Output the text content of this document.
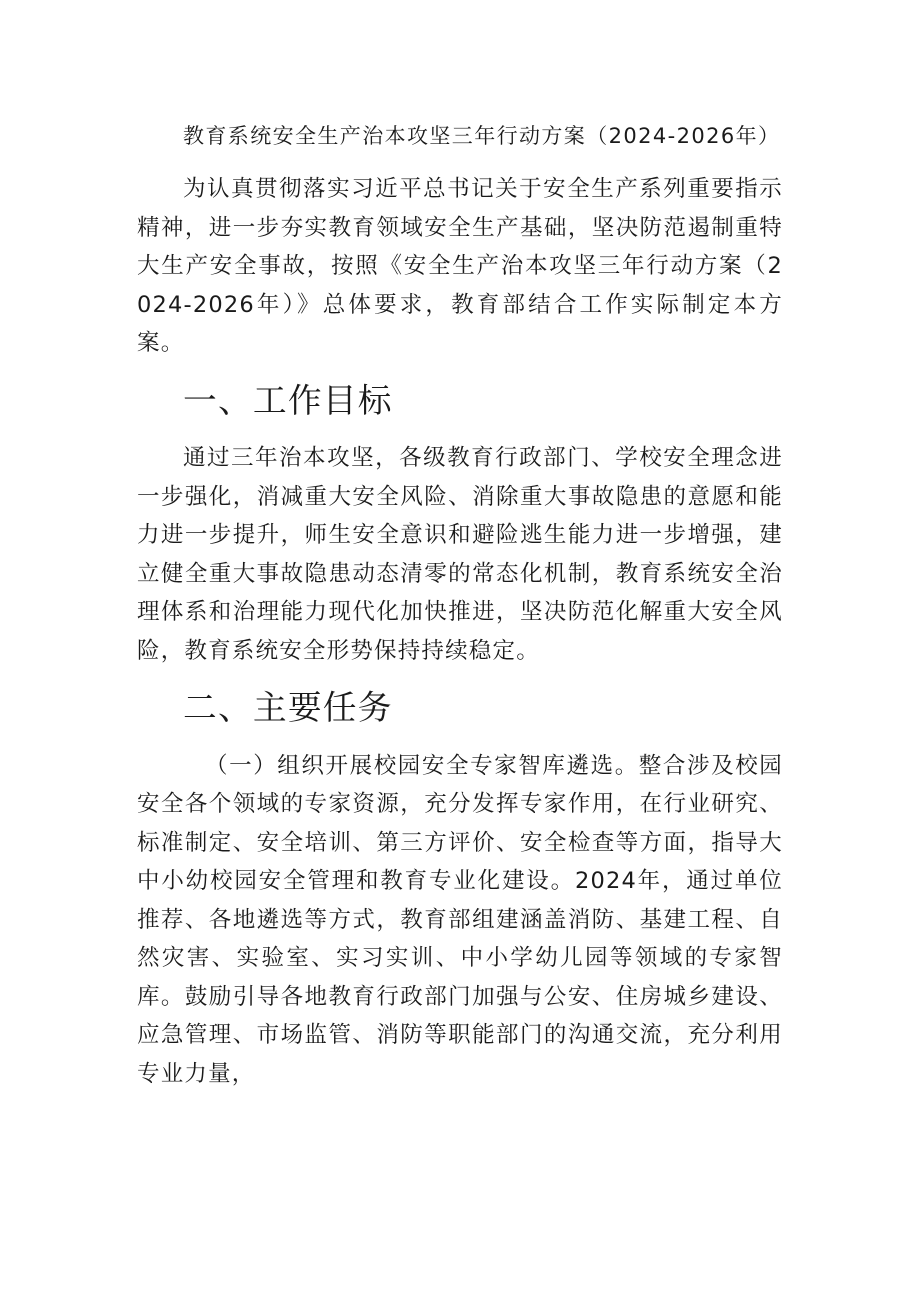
教育系统安全生产治本攻坚三年行动方案（2024-2026年）

为认真贯彻落实习近平总书记关于安全生产系列重要指示精神，进一步夯实教育领域安全生产基础，坚决防范遏制重特大生产安全事故，按照《安全生产治本攻坚三年行动方案（2024-2026年）》总体要求，教育部结合工作实际制定本方案。

一、工作目标

通过三年治本攻坚，各级教育行政部门、学校安全理念进一步强化，消减重大安全风险、消除重大事故隐患的意愿和能力进一步提升，师生安全意识和避险逃生能力进一步增强，建立健全重大事故隐患动态清零的常态化机制，教育系统安全治理体系和治理能力现代化加快推进，坚决防范化解重大安全风险，教育系统安全形势保持持续稳定。

二、主要任务

（一）组织开展校园安全专家智库遴选。整合涉及校园安全各个领域的专家资源，充分发挥专家作用，在行业研究、标准制定、安全培训、第三方评价、安全检查等方面，指导大中小幼校园安全管理和教育专业化建设。2024年，通过单位推荐、各地遴选等方式，教育部组建涵盖消防、基建工程、自然灾害、实验室、实习实训、中小学幼儿园等领域的专家智库。鼓励引导各地教育行政部门加强与公安、住房城乡建设、应急管理、市场监管、消防等职能部门的沟通交流，充分利用专业力量，
